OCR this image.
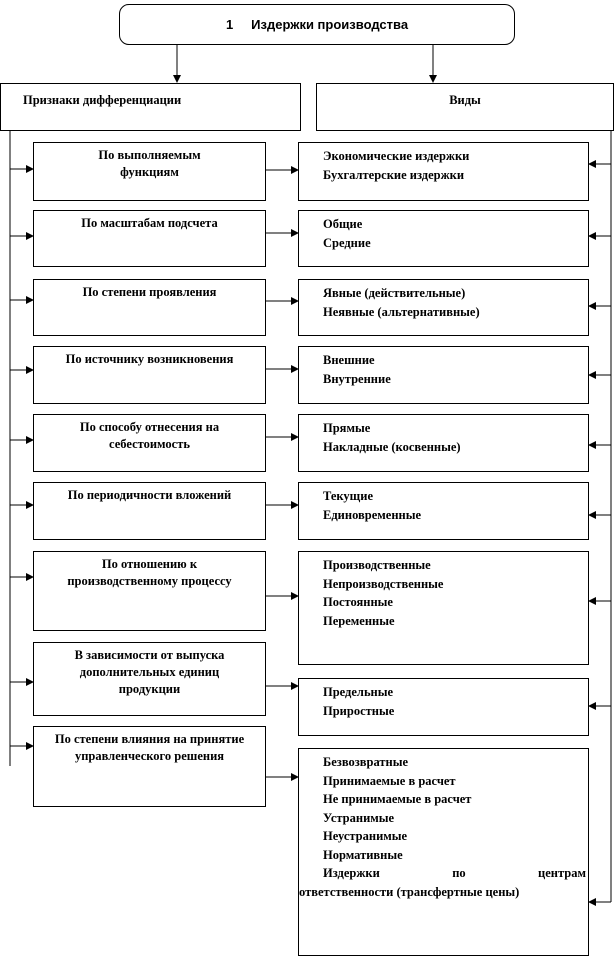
1 Издержки производства
Признаки дифференциации	Виды
По выполняемым
функциям
По масштабам подсчета
По степени проявления
По источнику возникновения
По способу отнесения на
себестоимость
По периодичности вложений
По отношению к
производственному процессу
В зависимости от выпуска
дополнительных единиц
продукции
По степени влияния на принятие
управленческого решения
Экономические издержки
Бухгалтерские издержки
Общие
Средние
Явные (действительные)
Неявные (альтернативные)
Внешние
Внутренние
Прямые
Накладные (косвенные)
Текущие
Единовременные
Производственные
Непроизводственные
Постоянные
Переменные
Предельные
Приростные
Безвозвратные
Принимаемые в расчет
Не принимаемые в расчет
Устранимые
Неустранимые
Нормативные
Издержки	по	центрам
ответственности (трансфертные цены)
